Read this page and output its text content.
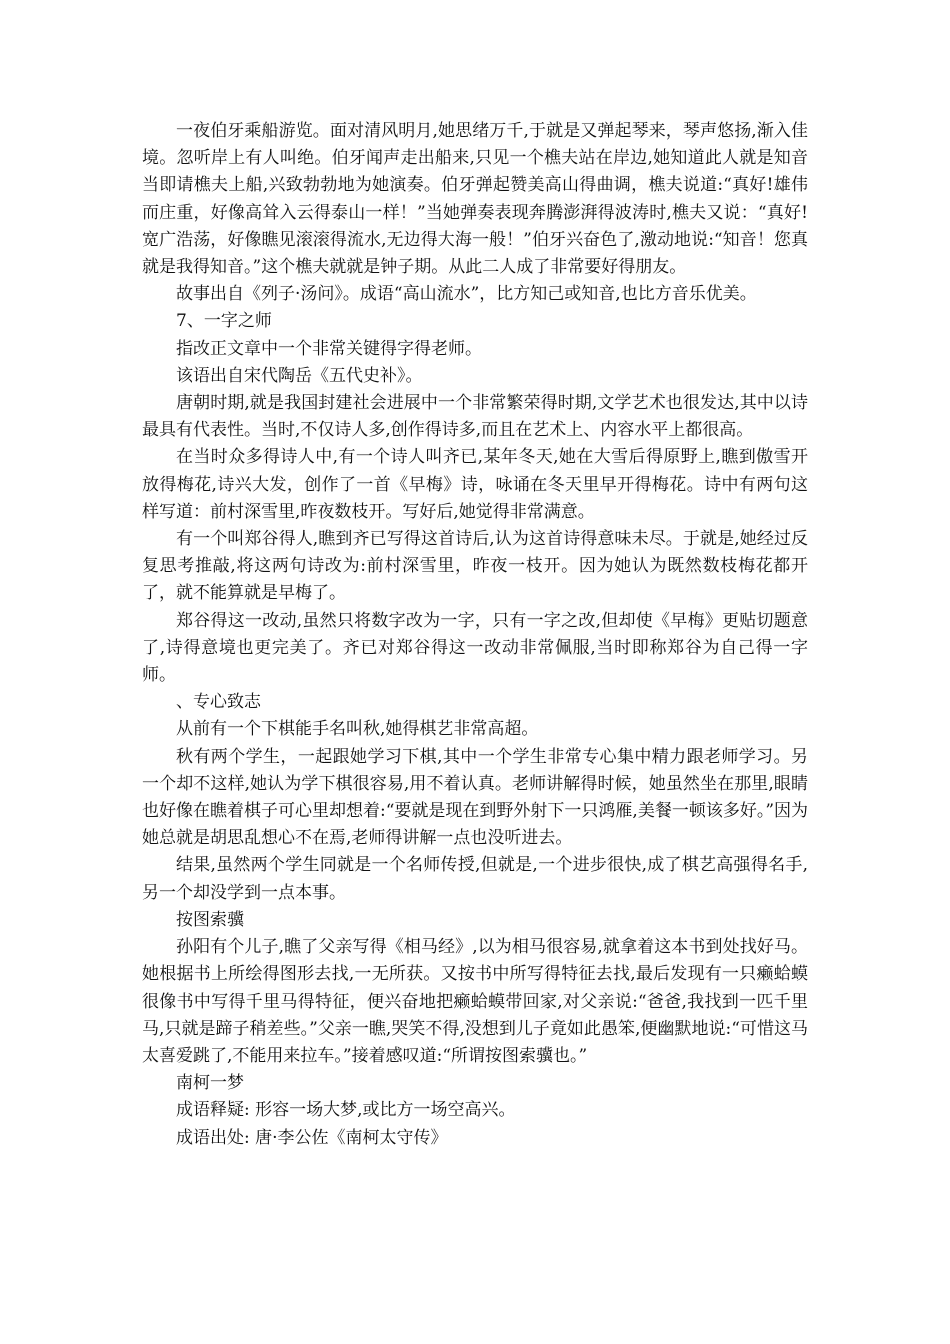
一夜伯牙乘船游览。面对清风明月,她思绪万千,于就是又弹起琴来，琴声悠扬,渐入佳境。忽听岸上有人叫绝。伯牙闻声走出船来,只见一个樵夫站在岸边,她知道此人就是知音当即请樵夫上船,兴致勃勃地为她演奏。伯牙弹起赞美高山得曲调，樵夫说道:“真好!雄伟而庄重，好像高耸入云得泰山一样！”当她弹奏表现奔腾澎湃得波涛时,樵夫又说：“真好!宽广浩荡，好像瞧见滚滚得流水,无边得大海一般！”伯牙兴奋色了,激动地说:“知音！您真就是我得知音。”这个樵夫就就是钟子期。从此二人成了非常要好得朋友。

故事出自《列子·汤问》。成语“高山流水”，比方知己或知音,也比方音乐优美。

7、一字之师

指改正文章中一个非常关键得字得老师。

该语出自宋代陶岳《五代史补》。

唐朝时期,就是我国封建社会进展中一个非常繁荣得时期,文学艺术也很发达,其中以诗最具有代表性。当时,不仅诗人多,创作得诗多,而且在艺术上、内容水平上都很高。

在当时众多得诗人中,有一个诗人叫齐已,某年冬天,她在大雪后得原野上,瞧到傲雪开放得梅花,诗兴大发，创作了一首《早梅》诗，咏诵在冬天里早开得梅花。诗中有两句这样写道：前村深雪里,昨夜数枝开。写好后,她觉得非常满意。

有一个叫郑谷得人,瞧到齐已写得这首诗后,认为这首诗得意味未尽。于就是,她经过反复思考推敲,将这两句诗改为:前村深雪里，昨夜一枝开。因为她认为既然数枝梅花都开了，就不能算就是早梅了。

郑谷得这一改动,虽然只将数字改为一字，只有一字之改,但却使《早梅》更贴切题意了,诗得意境也更完美了。齐已对郑谷得这一改动非常佩服,当时即称郑谷为自己得一字师。

、专心致志

从前有一个下棋能手名叫秋,她得棋艺非常高超。

秋有两个学生，一起跟她学习下棋,其中一个学生非常专心集中精力跟老师学习。另一个却不这样,她认为学下棋很容易,用不着认真。老师讲解得时候，她虽然坐在那里,眼睛也好像在瞧着棋子可心里却想着:“要就是现在到野外射下一只鸿雁,美餐一顿该多好。”因为她总就是胡思乱想心不在焉,老师得讲解一点也没听进去。

结果,虽然两个学生同就是一个名师传授,但就是,一个进步很快,成了棋艺高强得名手,另一个却没学到一点本事。

按图索骥

孙阳有个儿子,瞧了父亲写得《相马经》,以为相马很容易,就拿着这本书到处找好马。她根据书上所绘得图形去找,一无所获。又按书中所写得特征去找,最后发现有一只癞蛤蟆很像书中写得千里马得特征，便兴奋地把癞蛤蟆带回家,对父亲说:“爸爸,我找到一匹千里马,只就是蹄子稍差些。”父亲一瞧,哭笑不得,没想到儿子竟如此愚笨,便幽默地说:“可惜这马太喜爱跳了,不能用来拉车。”接着感叹道:“所谓按图索骥也。”

南柯一梦

成语释疑: 形容一场大梦,或比方一场空高兴。

成语出处: 唐·李公佐《南柯太守传》
